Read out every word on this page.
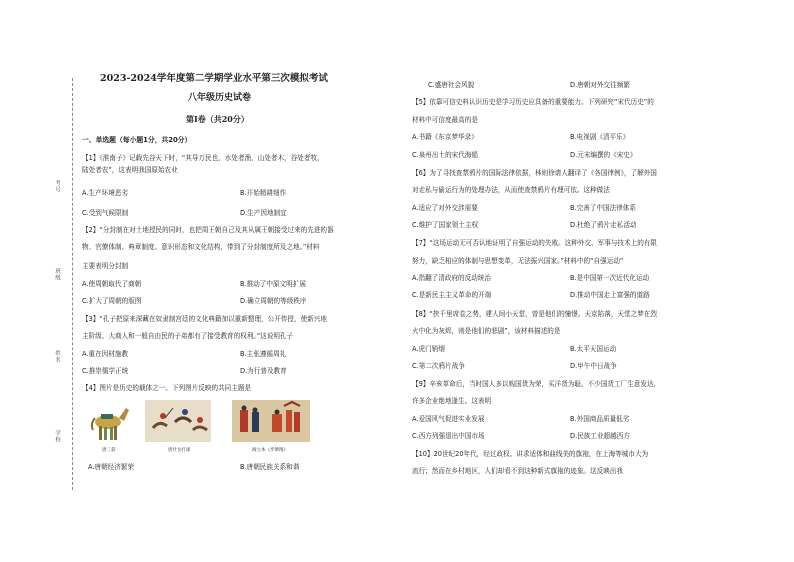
考号
班级
姓名
学校
2023-2024学年度第二学期学业水平第三次模拟考试
八年级历史试卷
第Ⅰ卷（共20分）
一、单选题（每小题1分，共20分）
【1】《淮南子》记载先谷天下时，“其导万民也，水处者渔，山处者木，谷处者牧，
陆处者农”，这表明我国原始农业
A.生产环境恶劣	B.开始精耕细作
C.受到气候限制	D.生产因地制宜
【2】“分封制在对土地授民的同时，也把周王朝自己及其从属王朝接受过来的先进的器
物、官僚体制、典章制度、意识形态和文化结构，带到了分封制度所及之地。”材料
主要表明分封制
A.使周朝取代了商朝	B.推动了中原文明扩展
C.扩大了周朝的版图	D.确立周朝的等级秩序
【3】“孔子把原来深藏在奴隶制宫廷的文化典籍加以重新整理，公开传授，使新兴地
主阶级、大商人和一般自由民的子弟都有了接受教育的权利。”这说明孔子
A.重在因材施教	B.主张遵循周礼
C.推崇儒学正统	D.为行普及教育
【4】图片是历史的载体之一。下列图片反映的共同主题是
唐三彩	唐社女打球	阎立本《步辇图》
A.唐朝经济繁荣	B.唐朝民族关系和谐
C.盛唐社会风貌	D.唐朝对外交往频繁
【5】依靠可信史料认识历史是学习历史应具备的重要能力。下列研究“宋代历史”的
材料中可信度最高的是
A.书籍《东京梦华录》	B.电视剧《清平乐》
C.泉州出土的宋代海船	D.元末编撰的《宋史》
【6】为了寻找查禁鸦片的国际法律依据，林则徐请人翻译了《各国律例》，了解外国
对走私与偷运行为的处理办法，从而使查禁鸦片有理可依。这种做法
A.适应了对外交涉需要	B.完善了中国法律体系
C.维护了国家领土主权	D.杜绝了鸦片走私活动
【7】“这场运动无可否认地证明了自强运动的失败。这种外交、军事与技术上的有限
努力，缺乏相应的体制与思想变革，无法振兴国家。”材料中的“自强运动”
A.指翻了清政府的反动统治	B.是中国第一次近代化运动
C.是新民主主义革命的开端	D.推动中国走上富强的道路
【8】“挟千里席卷之势，建人间小天堂，曾是他们的憧憬。天京陷落，天堂之梦在烈
火中化为灰烬，则是他们的悲剧”，该材料描述的是
A.虎门销烟	B.太平天国运动
C.第二次鸦片战争	D.甲午中日战争
【9】辛亥革命后，当时国人多以购国货为荣，买洋货为耻。不少国货工厂生意发达，
许多企业绝地逢生。这表明
A.爱国风气促进实业发展	B.外国商品质量低劣
C.西方列强退出中国市场	D.民族工业超越西方
【10】20世纪20年代，经过政权、讲求适体和曲线美的旗袍，在上海等城市大为
流行；然而在乡村地区，人们却看不到这种新式旗袍的迹象。这反映出我
